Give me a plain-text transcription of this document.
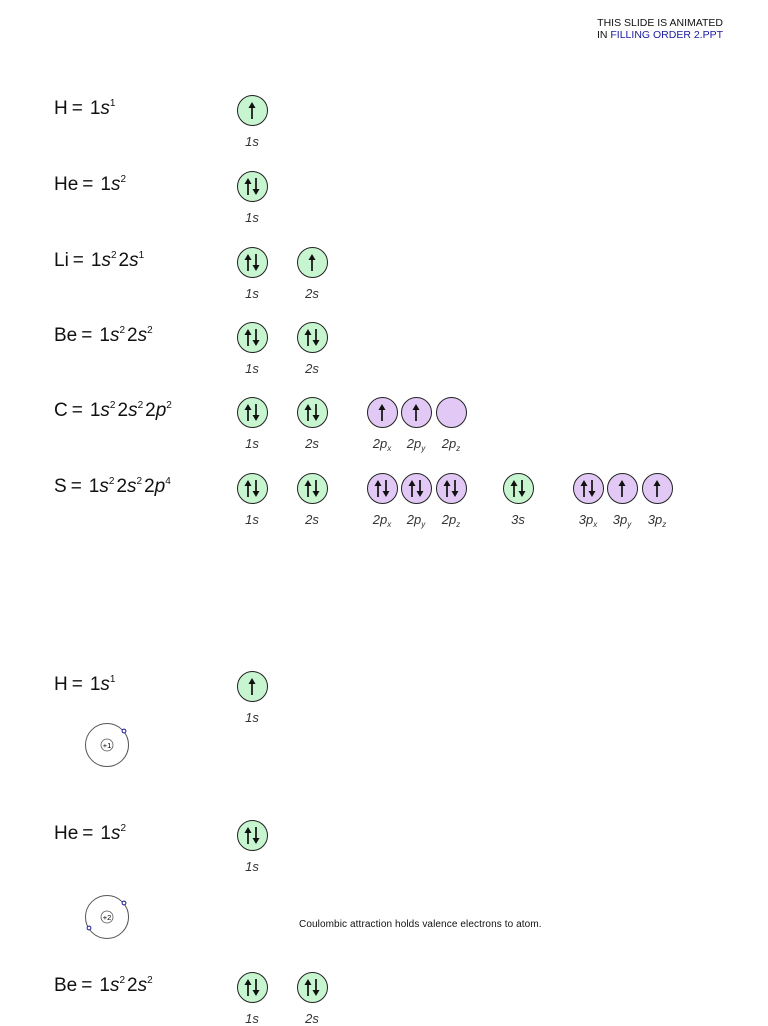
THIS SLIDE IS ANIMATED
IN FILLING ORDER 2.PPT
$H = 1s^1$
1s
$He = 1s^2$
1s
$Li = 1s^2$ $2s^1$
1s	2s
$Be = 1s^2$ $2s^2$
1s	2s
$C = 1s^2$ $2s^2$ $2p^2$
1s	2s	$2p_x$	$2p_y$	$2p_z$
$S = 1s^2$ $2s^2$ $2p^4$
1s	2s	$2p_x$	$2p_y$	$2p_z$	3s	$3p_x$	$3p_y$	$3p_z$
$H = 1s^1$
1s
+1
$He = 1s^2$
1s
+2
$Be = 1s^2$ $2s^2$
1s	2s
Coulombic attraction holds valence electrons to atom.
